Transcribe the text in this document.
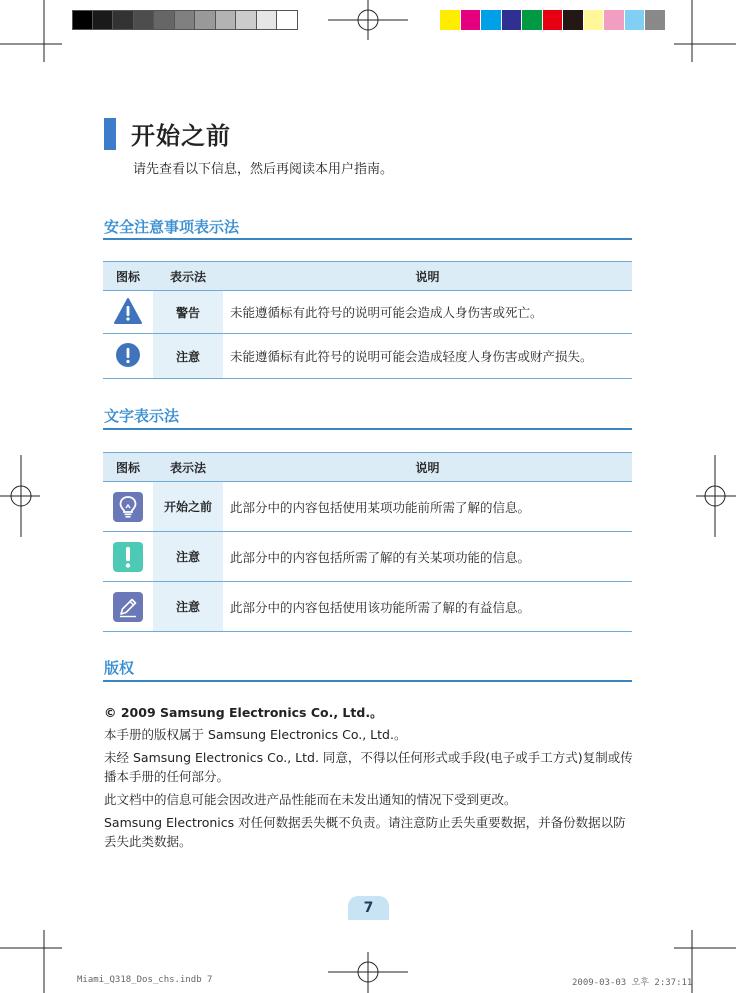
开始之前
请先查看以下信息，然后再阅读本用户指南。
安全注意事项表示法
图标	表示法	说明
警告	未能遵循标有此符号的说明可能会造成人身伤害或死亡。
注意	未能遵循标有此符号的说明可能会造成轻度人身伤害或财产损失。
文字表示法
图标	表示法	说明
开始之前	此部分中的内容包括使用某项功能前所需了解的信息。
注意	此部分中的内容包括所需了解的有关某项功能的信息。
注意	此部分中的内容包括使用该功能所需了解的有益信息。
版权
© 2009 Samsung Electronics Co., Ltd.。
本手册的版权属于 Samsung Electronics Co., Ltd.。
未经 Samsung Electronics Co., Ltd. 同意，不得以任何形式或手段(电子或手工方式)复制或传播本手册的任何部分。
此文档中的信息可能会因改进产品性能而在未发出通知的情况下受到更改。
Samsung Electronics 对任何数据丢失概不负责。请注意防止丢失重要数据，并备份数据以防丢失此类数据。
7
Miami_Q318_Dos_chs.indb 7	2009-03-03 오후 2:37:11
